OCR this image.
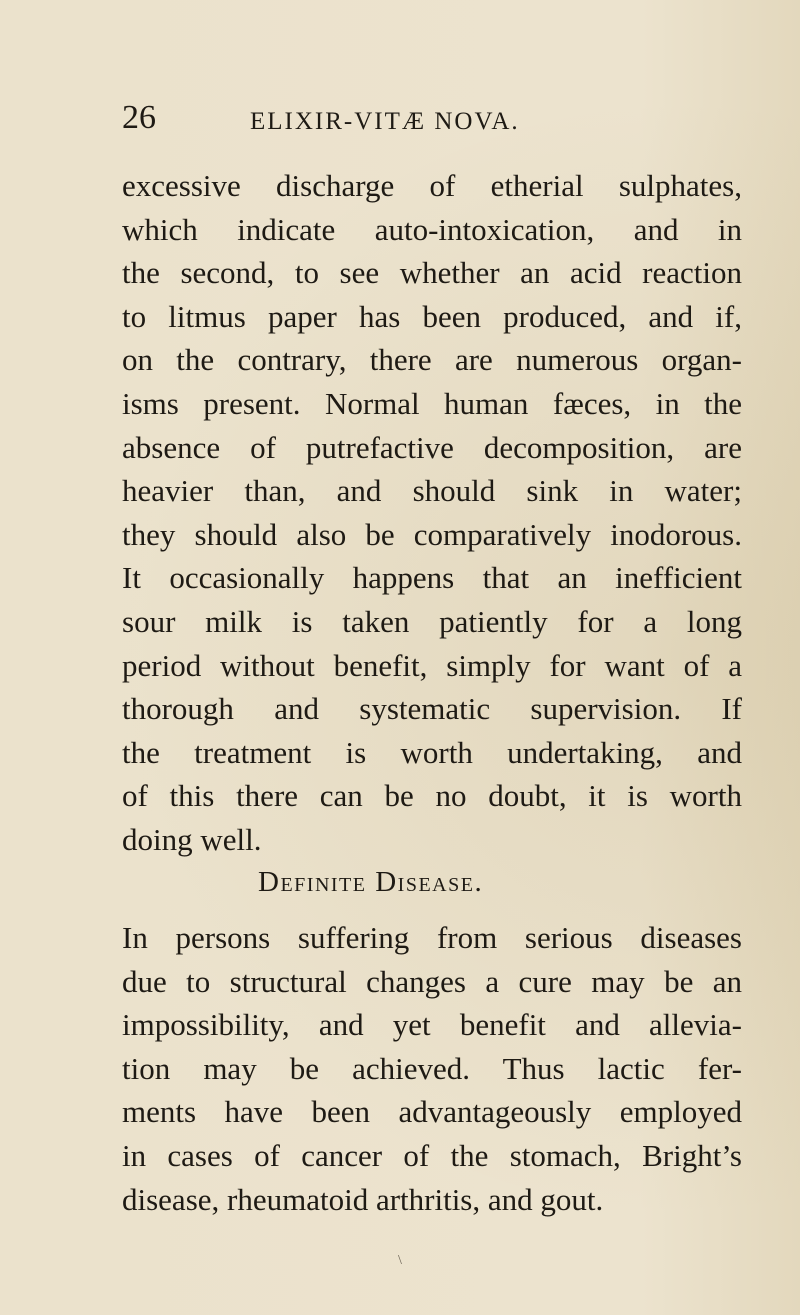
26	ELIXIR-VITÆ NOVA.
excessive discharge of etherial sulphates,
which indicate auto-intoxication, and in
the second, to see whether an acid reaction
to litmus paper has been produced, and if,
on the contrary, there are numerous organ-
isms present. Normal human fæces, in the
absence of putrefactive decomposition, are
heavier than, and should sink in water;
they should also be comparatively inodorous.
It occasionally happens that an inefficient
sour milk is taken patiently for a long
period without benefit, simply for want of a
thorough and systematic supervision. If
the treatment is worth undertaking, and
of this there can be no doubt, it is worth
doing well.
Definite Disease.
In persons suffering from serious diseases
due to structural changes a cure may be an
impossibility, and yet benefit and allevia-
tion may be achieved. Thus lactic fer-
ments have been advantageously employed
in cases of cancer of the stomach, Bright’s
disease, rheumatoid arthritis, and gout.
\
